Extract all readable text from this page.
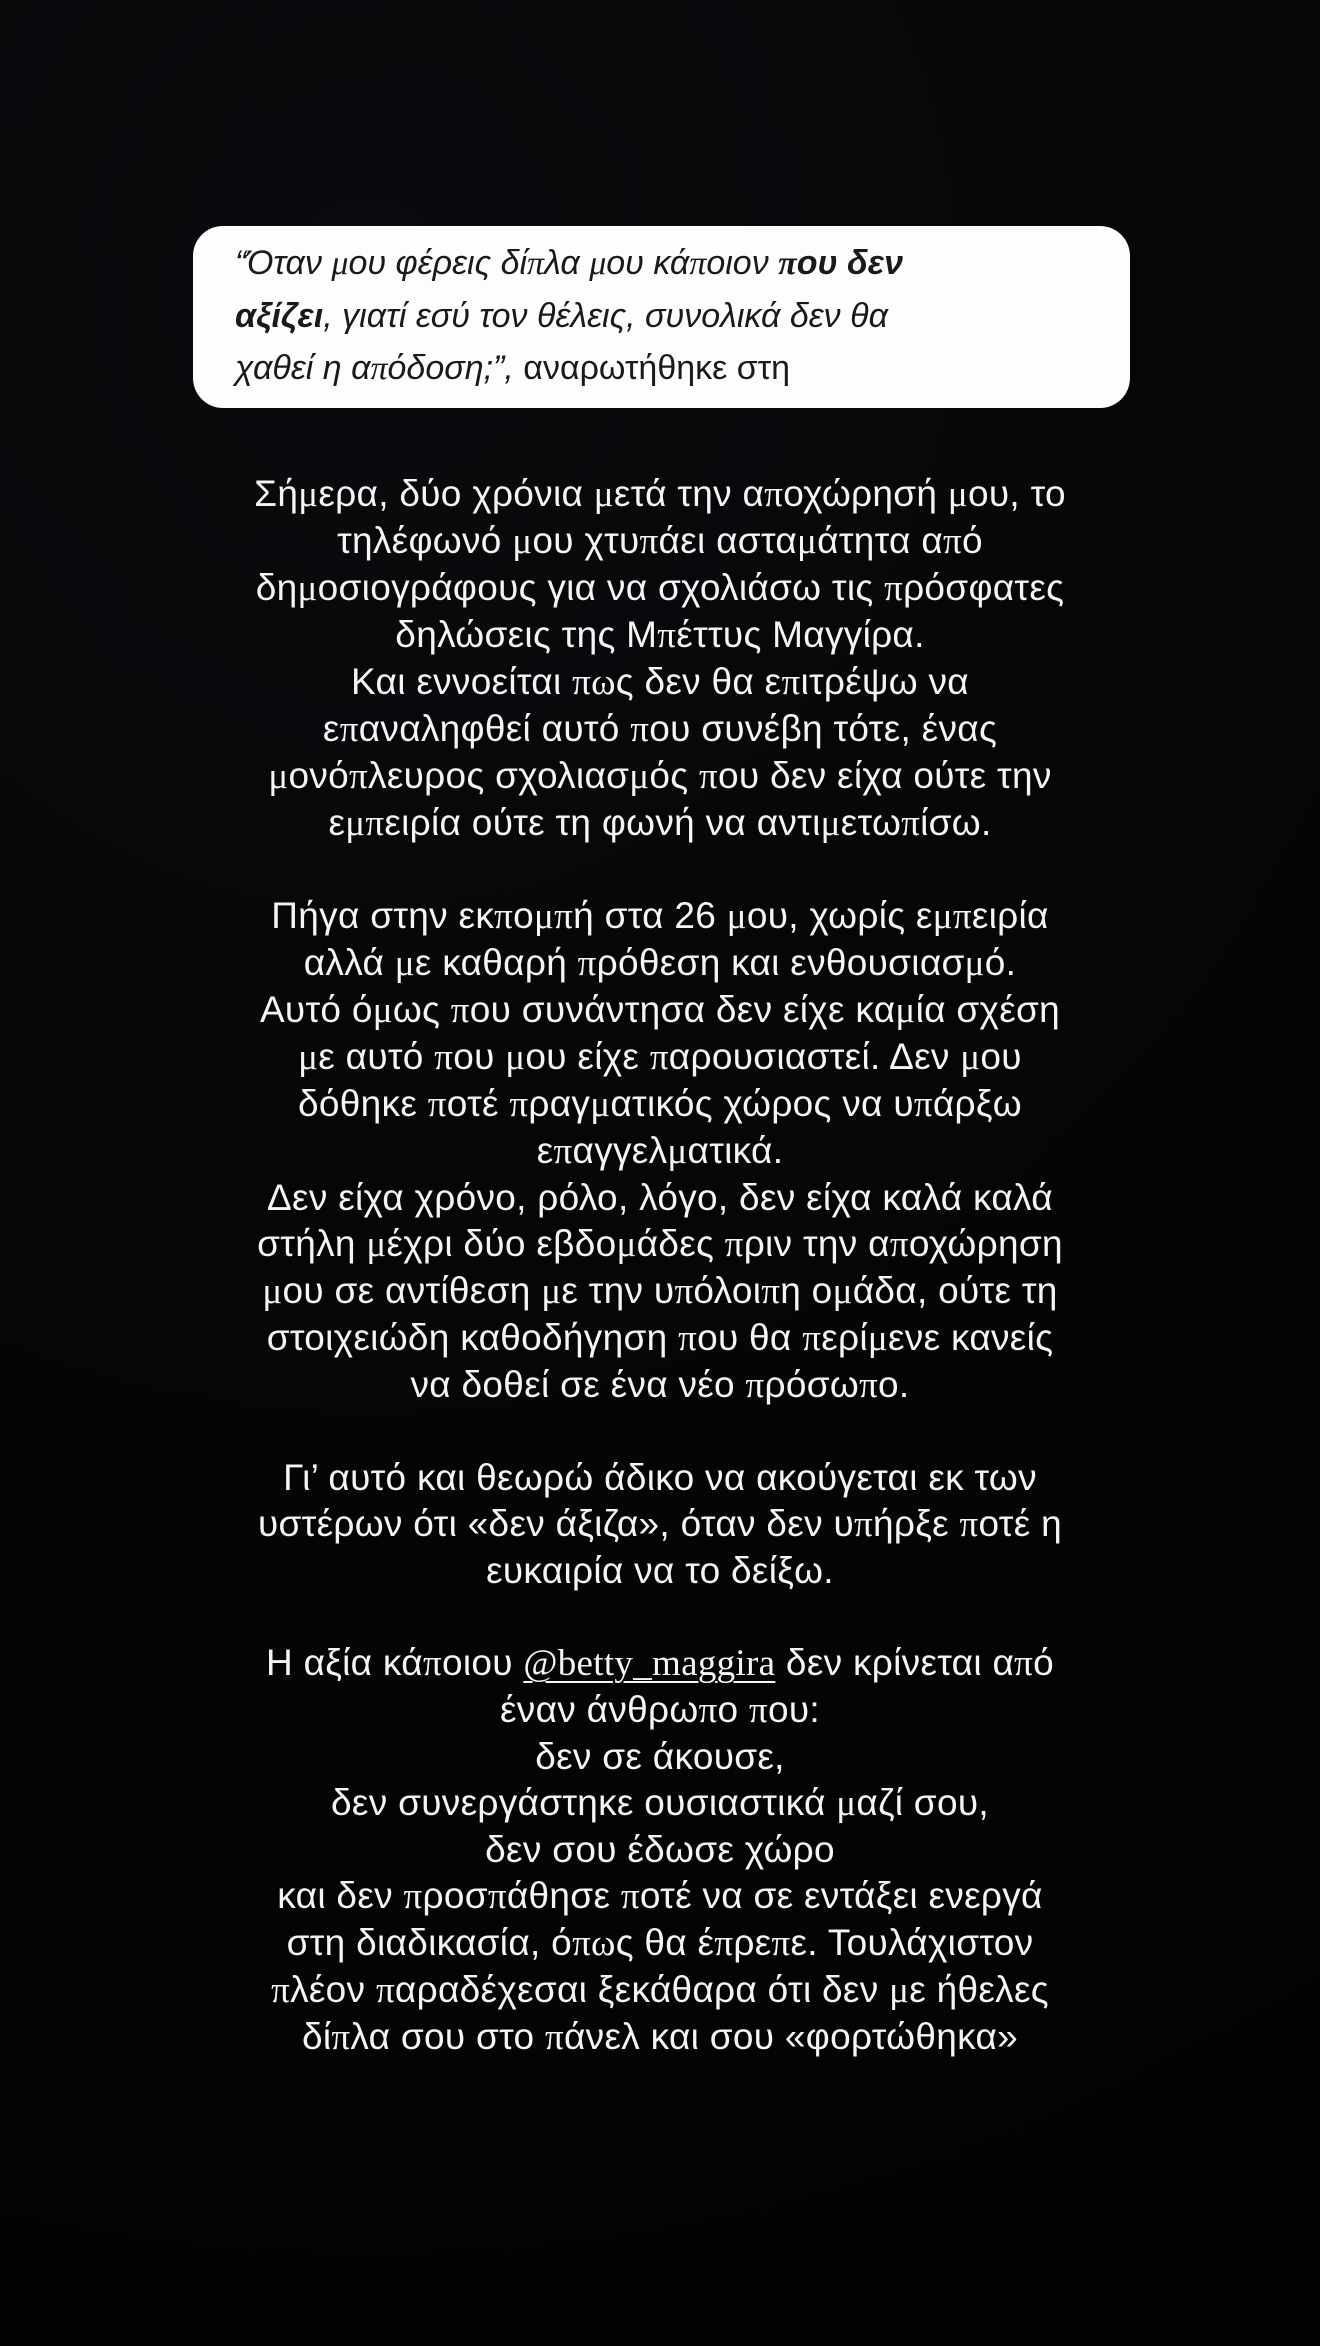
“Όταν μου φέρεις δίπλα μου κάποιον που δεν
αξίζει, γιατί εσύ τον θέλεις, συνολικά δεν θα
χαθεί η απόδοση;”, αναρωτήθηκε στη
Σήμερα, δύο χρόνια μετά την αποχώρησή μου, το
τηλέφωνό μου χτυπάει ασταμάτητα από
δημοσιογράφους για να σχολιάσω τις πρόσφατες
δηλώσεις της Μπέττυς Μαγγίρα.
Και εννοείται πως δεν θα επιτρέψω να
επαναληφθεί αυτό που συνέβη τότε, ένας
μονόπλευρος σχολιασμός που δεν είχα ούτε την
εμπειρία ούτε τη φωνή να αντιμετωπίσω.
Πήγα στην εκπομπή στα 26 μου, χωρίς εμπειρία
αλλά με καθαρή πρόθεση και ενθουσιασμό.
Αυτό όμως που συνάντησα δεν είχε καμία σχέση
με αυτό που μου είχε παρουσιαστεί. Δεν μου
δόθηκε ποτέ πραγματικός χώρος να υπάρξω
επαγγελματικά.
Δεν είχα χρόνο, ρόλο, λόγο, δεν είχα καλά καλά
στήλη μέχρι δύο εβδομάδες πριν την αποχώρηση
μου σε αντίθεση με την υπόλοιπη ομάδα, ούτε τη
στοιχειώδη καθοδήγηση που θα περίμενε κανείς
να δοθεί σε ένα νέο πρόσωπο.
Γι’ αυτό και θεωρώ άδικο να ακούγεται εκ των
υστέρων ότι «δεν άξιζα», όταν δεν υπήρξε ποτέ η
ευκαιρία να το δείξω.
Η αξία κάποιου @betty_maggira δεν κρίνεται από
έναν άνθρωπο που:
δεν σε άκουσε,
δεν συνεργάστηκε ουσιαστικά μαζί σου,
δεν σου έδωσε χώρο
και δεν προσπάθησε ποτέ να σε εντάξει ενεργά
στη διαδικασία, όπως θα έπρεπε. Τουλάχιστον
πλέον παραδέχεσαι ξεκάθαρα ότι δεν με ήθελες
δίπλα σου στο πάνελ και σου «φορτώθηκα»
